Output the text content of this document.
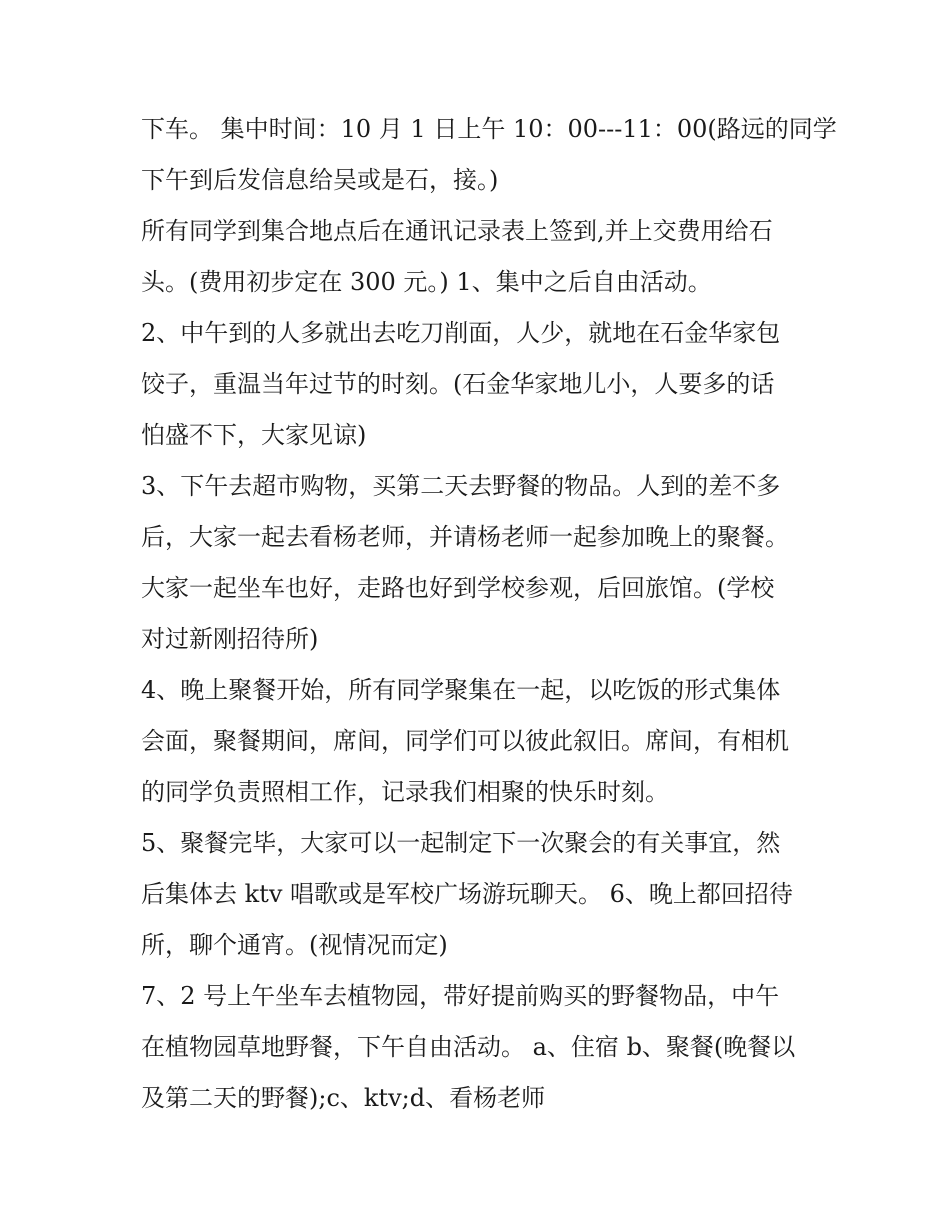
下车。 集中时间：10 月 1 日上午 10：00---11：00(路远的同学
下午到后发信息给吴或是石，接。)
所有同学到集合地点后在通讯记录表上签到,并上交费用给石
头。(费用初步定在 300 元。) 1、集中之后自由活动。
2、中午到的人多就出去吃刀削面，人少，就地在石金华家包
饺子，重温当年过节的时刻。(石金华家地儿小，人要多的话
怕盛不下，大家见谅)
3、下午去超市购物，买第二天去野餐的物品。人到的差不多
后，大家一起去看杨老师，并请杨老师一起参加晚上的聚餐。
大家一起坐车也好，走路也好到学校参观，后回旅馆。(学校
对过新刚招待所)
4、晚上聚餐开始，所有同学聚集在一起，以吃饭的形式集体
会面，聚餐期间，席间，同学们可以彼此叙旧。席间，有相机
的同学负责照相工作，记录我们相聚的快乐时刻。
5、聚餐完毕，大家可以一起制定下一次聚会的有关事宜，然
后集体去 ktv 唱歌或是军校广场游玩聊天。 6、晚上都回招待
所，聊个通宵。(视情况而定)
7、2 号上午坐车去植物园，带好提前购买的野餐物品，中午
在植物园草地野餐，下午自由活动。 a、住宿 b、聚餐(晚餐以
及第二天的野餐);c、ktv;d、看杨老师
